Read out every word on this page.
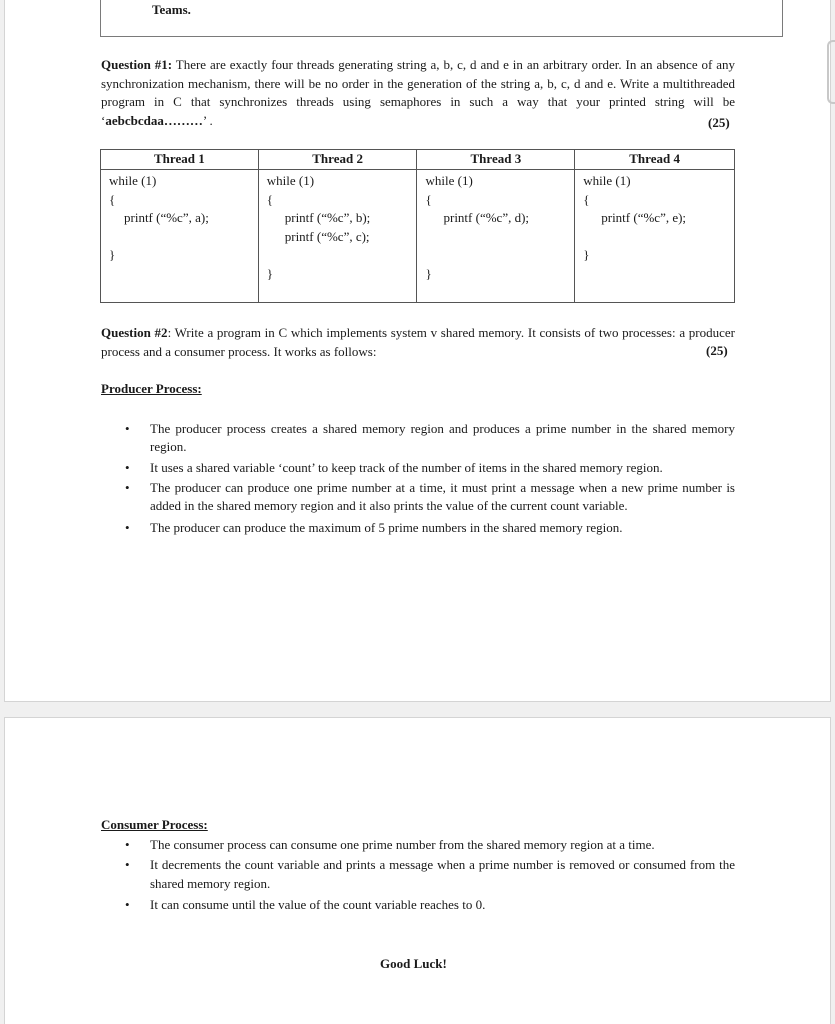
Teams.
Question #1: There are exactly four threads generating string a, b, c, d and e in an arbitrary order. In an absence of any synchronization mechanism, there will be no order in the generation of the string a, b, c, d and e. Write a multithreaded program in C that synchronizes threads using semaphores in such a way that your printed string will be ‘aebcbcdaa………’ .	(25)
Thread 1	Thread 2	Thread 3	Thread 4

while (1)
{
printf (“%c”, a);

}	while (1)
{
printf (“%c”, b);
printf (“%c”, c);

}	while (1)
{
printf (“%c”, d);

}	while (1)
{
printf (“%c”, e);

}
Question #2: Write a program in C which implements system v shared memory. It consists of two processes: a producer process and a consumer process. It works as follows:	(25)
Producer Process:
• The producer process creates a shared memory region and produces a prime number in the shared memory region.
• It uses a shared variable ‘count’ to keep track of the number of items in the shared memory region.
• The producer can produce one prime number at a time, it must print a message when a new prime number is added in the shared memory region and it also prints the value of the current count variable.
• The producer can produce the maximum of 5 prime numbers in the shared memory region.
Consumer Process:
• The consumer process can consume one prime number from the shared memory region at a time.
• It decrements the count variable and prints a message when a prime number is removed or consumed from the shared memory region.
• It can consume until the value of the count variable reaches to 0.
Good Luck!
